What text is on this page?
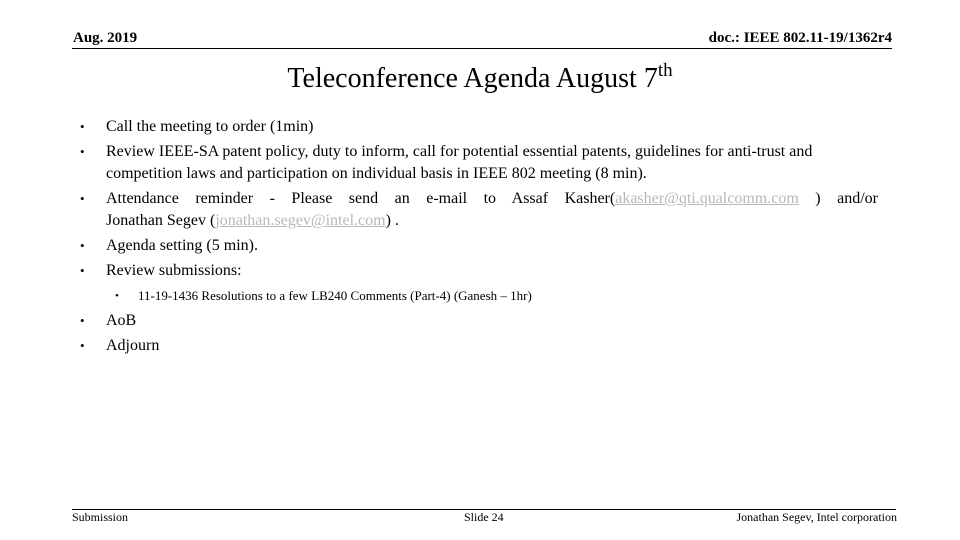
Aug. 2019	doc.: IEEE 802.11-19/1362r4
Teleconference Agenda August 7th
• Call the meeting to order (1min)
• Review IEEE-SA patent policy, duty to inform, call for potential essential patents, guidelines for anti-trust and competition laws and participation on individual basis in IEEE 802 meeting (8 min).
• Attendance reminder - Please send an e-mail to Assaf Kasher(akasher@qti.qualcomm.com ) and/or
Jonathan Segev (jonathan.segev@intel.com) .
• Agenda setting (5 min).
• Review submissions:
• 11-19-1436 Resolutions to a few LB240 Comments (Part-4) (Ganesh – 1hr)
• AoB
• Adjourn
Submission	Slide 24	Jonathan Segev, Intel corporation
